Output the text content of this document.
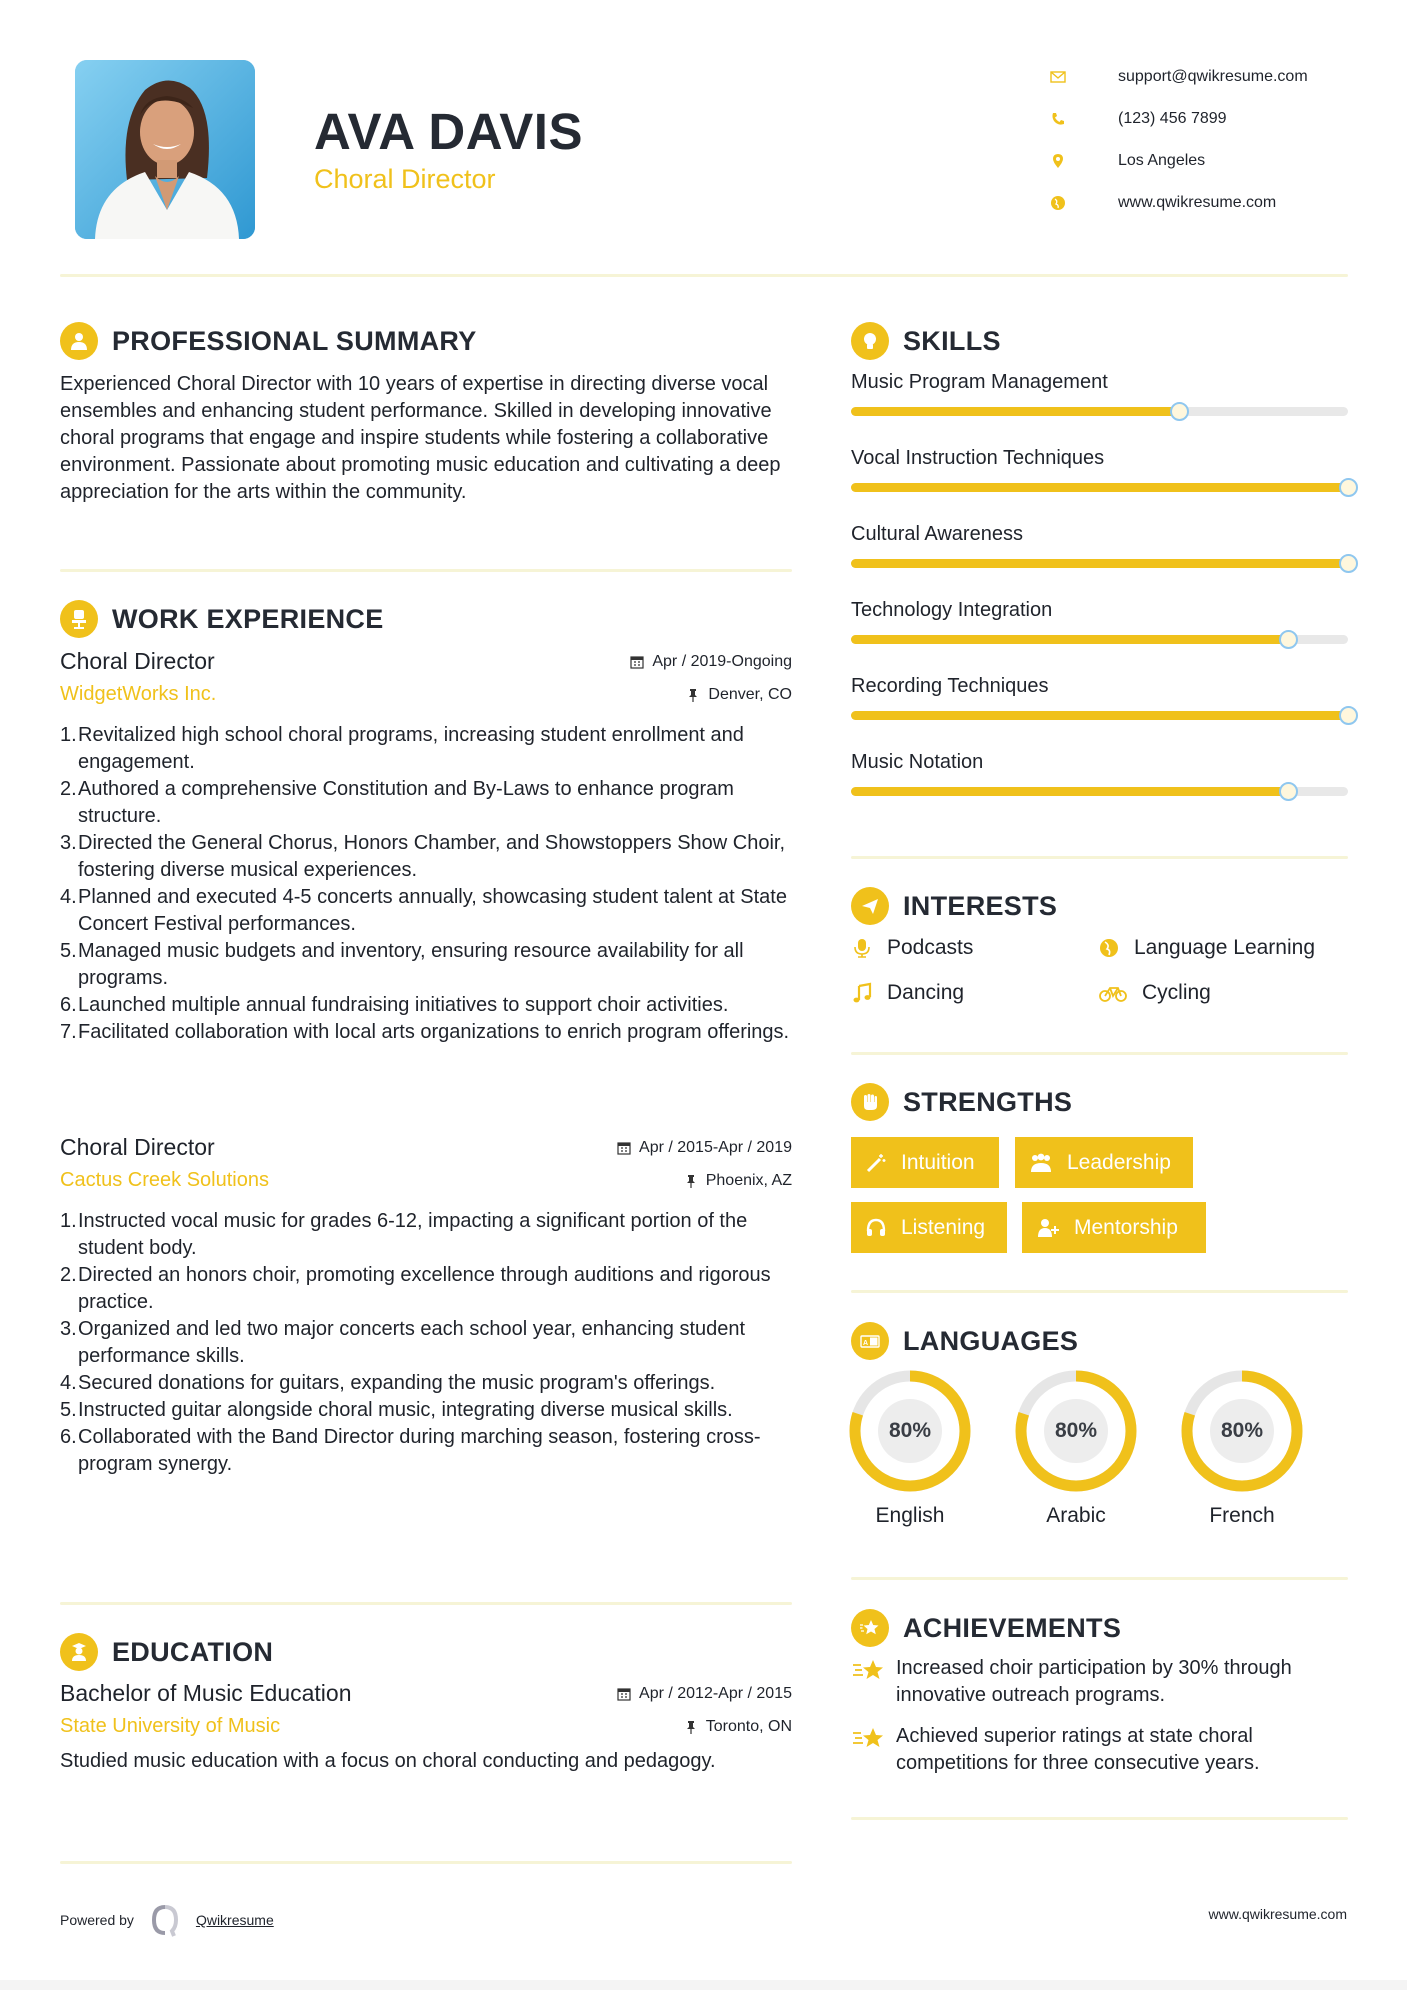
AVA DAVIS
Choral Director
support@qwikresume.com
(123) 456 7899
Los Angeles
www.qwikresume.com
PROFESSIONAL SUMMARY
Experienced Choral Director with 10 years of expertise in directing diverse vocal ensembles and enhancing student performance. Skilled in developing innovative choral programs that engage and inspire students while fostering a collaborative environment. Passionate about promoting music education and cultivating a deep appreciation for the arts within the community.
WORK EXPERIENCE
Choral Director	Apr / 2019-Ongoing
WidgetWorks Inc.	Denver, CO
1. Revitalized high school choral programs, increasing student enrollment and engagement.
2. Authored a comprehensive Constitution and By-Laws to enhance program structure.
3. Directed the General Chorus, Honors Chamber, and Showstoppers Show Choir, fostering diverse musical experiences.
4. Planned and executed 4-5 concerts annually, showcasing student talent at State Concert Festival performances.
5. Managed music budgets and inventory, ensuring resource availability for all programs.
6. Launched multiple annual fundraising initiatives to support choir activities.
7. Facilitated collaboration with local arts organizations to enrich program offerings.
Choral Director	Apr / 2015-Apr / 2019
Cactus Creek Solutions	Phoenix, AZ
1. Instructed vocal music for grades 6-12, impacting a significant portion of the student body.
2. Directed an honors choir, promoting excellence through auditions and rigorous practice.
3. Organized and led two major concerts each school year, enhancing student performance skills.
4. Secured donations for guitars, expanding the music program's offerings.
5. Instructed guitar alongside choral music, integrating diverse musical skills.
6. Collaborated with the Band Director during marching season, fostering cross-program synergy.
EDUCATION
Bachelor of Music Education	Apr / 2012-Apr / 2015
State University of Music	Toronto, ON
Studied music education with a focus on choral conducting and pedagogy.
SKILLS
Music Program Management
Vocal Instruction Techniques
Cultural Awareness
Technology Integration
Recording Techniques
Music Notation
INTERESTS
Podcasts	Language Learning
Dancing	Cycling
STRENGTHS
Intuition	Leadership
Listening	Mentorship
A LANGUAGES
80%
English
80%
Arabic
80%
French
ACHIEVEMENTS
Increased choir participation by 30% through innovative outreach programs.
Achieved superior ratings at state choral competitions for three consecutive years.
Powered by	Qwikresume	www.qwikresume.com
